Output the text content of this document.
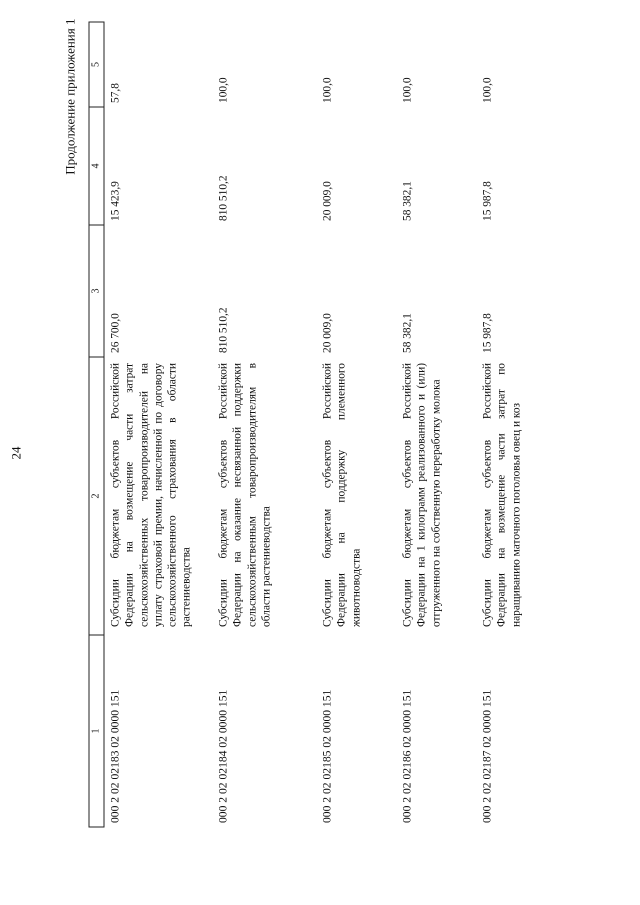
24
Продолжение приложения 1
1	2	3	4	5
000 2 02 02183 02 0000 151	Субсидии бюджетам субъектов Российской Федерации на возмещение части затрат сельскохозяйственных товаропроизводителей на уплату страховой премии, начисленной по договору сельскохозяйственного страхования в области растениеводства	26 700,0	15 423,9	57,8
000 2 02 02184 02 0000 151	Субсидии бюджетам субъектов Российской Федерации на оказание несвязанной поддержки сельскохозяйственным товаропроизводителям в области растениеводства	810 510,2	810 510,2	100,0
000 2 02 02185 02 0000 151	Субсидии бюджетам субъектов Российской Федерации на поддержку племенного животноводства	20 009,0	20 009,0	100,0
000 2 02 02186 02 0000 151	Субсидии бюджетам субъектов Российской Федерации на 1 килограмм реализованного и (или) отгруженного на собственную переработку молока	58 382,1	58 382,1	100,0
000 2 02 02187 02 0000 151	Субсидии бюджетам субъектов Российской Федерации на возмещение части затрат по наращиванию маточного поголовья овец и коз	15 987,8	15 987,8	100,0
